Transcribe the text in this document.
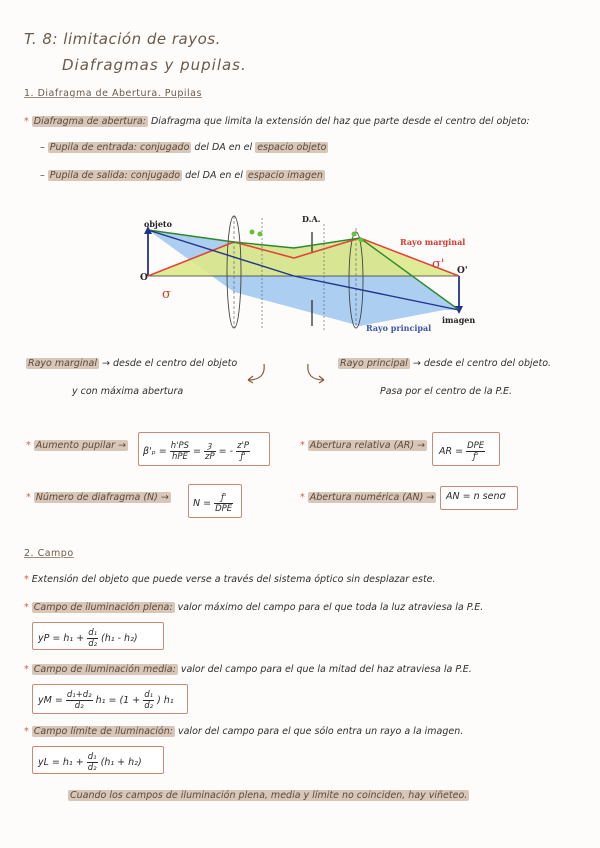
T. 8: limitación de rayos.
Diafragmas y pupilas.
1. Diafragma de Abertura. Pupilas
* Diafragma de abertura: Diafragma que limita la extensión del haz que parte desde el centro del objeto:
– Pupila de entrada: conjugado del DA en el espacio objeto
– Pupila de salida: conjugado del DA en el espacio imagen
objeto	D.A.
Rayo marginal
Rayo principal
imagen
O
O'
σ
σ'
Rayo marginal → desde el centro del objeto
y con máxima abertura
Rayo principal → desde el centro del objeto.
Pasa por el centro de la P.E.
* Aumento pupilar →
$\beta'_p = \frac{h'PS}{\text{hPE}} = \frac{ȝ}{zP}$ = - $\frac{z'P}{ƒ'}$	* Abertura relativa (AR) →
AR = $\frac{\text{DPE}}{ƒ'}$
* Número de diafragma (N) →
$N = \frac{ƒ'}{\text{DPE}}$	* Abertura numérica (AN) → AN = n senσ
2. Campo
* Extensión del objeto que puede verse a través del sistema óptico sin desplazar este.
* Campo de iluminación plena: valor máximo del campo para el que toda la luz atraviesa la P.E.
yP = $h_1 + \frac{\text{d₁}}{\text{d₂}} (h_1 - h_2)$
* Campo de iluminación media: valor del campo para el que la mitad del haz atraviesa la P.E.
yM = $\frac{\text{d₁+d₂}}{\text{d₂}} h_1 = (1 + \frac{\text{d₁}}{\text{d₂}}$ ) h₁
* Campo límite de iluminación: valor del campo para el que sólo entra un rayo a la imagen.
yL = $h_1 + \frac{\text{d₁}}{\text{d₂}} (h_1 + h_2)$
Cuando los campos de iluminación plena, media y límite no coinciden, hay viñeteo.
